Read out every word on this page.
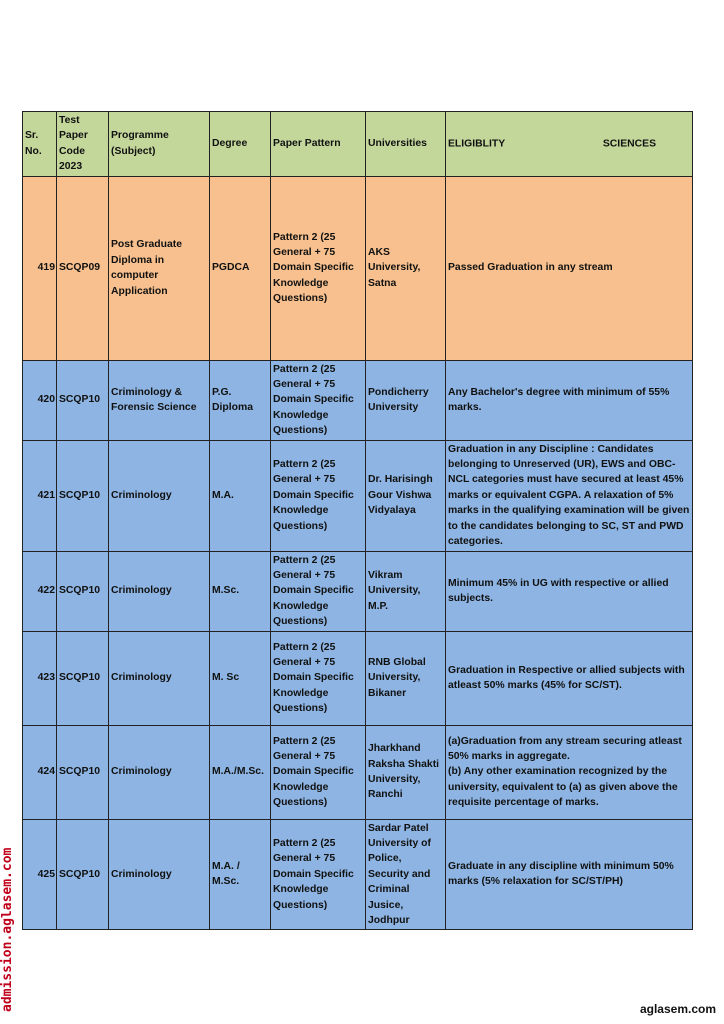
Sr. No.	Test Paper Code 2023	Programme (Subject)	Degree	Paper Pattern	Universities	ELIGIBLITY SCIENCES

419	SCQP09	Post Graduate Diploma in computer Application	PGDCA	Pattern 2 (25 General + 75 Domain Specific Knowledge Questions)	AKS University, Satna	Passed Graduation in any stream
420	SCQP10	Criminology & Forensic Science	P.G. Diploma	Pattern 2 (25 General + 75 Domain Specific Knowledge Questions)	Pondicherry University	Any Bachelor's degree with minimum of 55% marks.
421	SCQP10	Criminology	M.A.	Pattern 2 (25 General + 75 Domain Specific Knowledge Questions)	Dr. Harisingh Gour Vishwa Vidyalaya	Graduation in any Discipline : Candidates belonging to Unreserved (UR), EWS and OBC-NCL categories must have secured at least 45% marks or equivalent CGPA. A relaxation of 5% marks in the qualifying examination will be given to the candidates belonging to SC, ST and PWD categories.
422	SCQP10	Criminology	M.Sc.	Pattern 2 (25 General + 75 Domain Specific Knowledge Questions)	Vikram University, M.P.	Minimum 45% in UG with respective or allied subjects.
423	SCQP10	Criminology	M. Sc	Pattern 2 (25 General + 75 Domain Specific Knowledge Questions)	RNB Global University, Bikaner	Graduation in Respective or allied subjects with atleast 50% marks (45% for SC/ST).
424	SCQP10	Criminology	M.A./M.Sc.	Pattern 2 (25 General + 75 Domain Specific Knowledge Questions)	Jharkhand Raksha Shakti University, Ranchi	(a)Graduation from any stream securing atleast 50% marks in aggregate.
(b) Any other examination recognized by the university, equivalent to (a) as given above the requisite percentage of marks.
425	SCQP10	Criminology	M.A. / M.Sc.	Pattern 2 (25 General + 75 Domain Specific Knowledge Questions)	Sardar Patel University of Police, Security and Criminal Jusice, Jodhpur	Graduate in any discipline with minimum 50% marks (5% relaxation for SC/ST/PH)
admission.aglasem.com	aglasem.com
